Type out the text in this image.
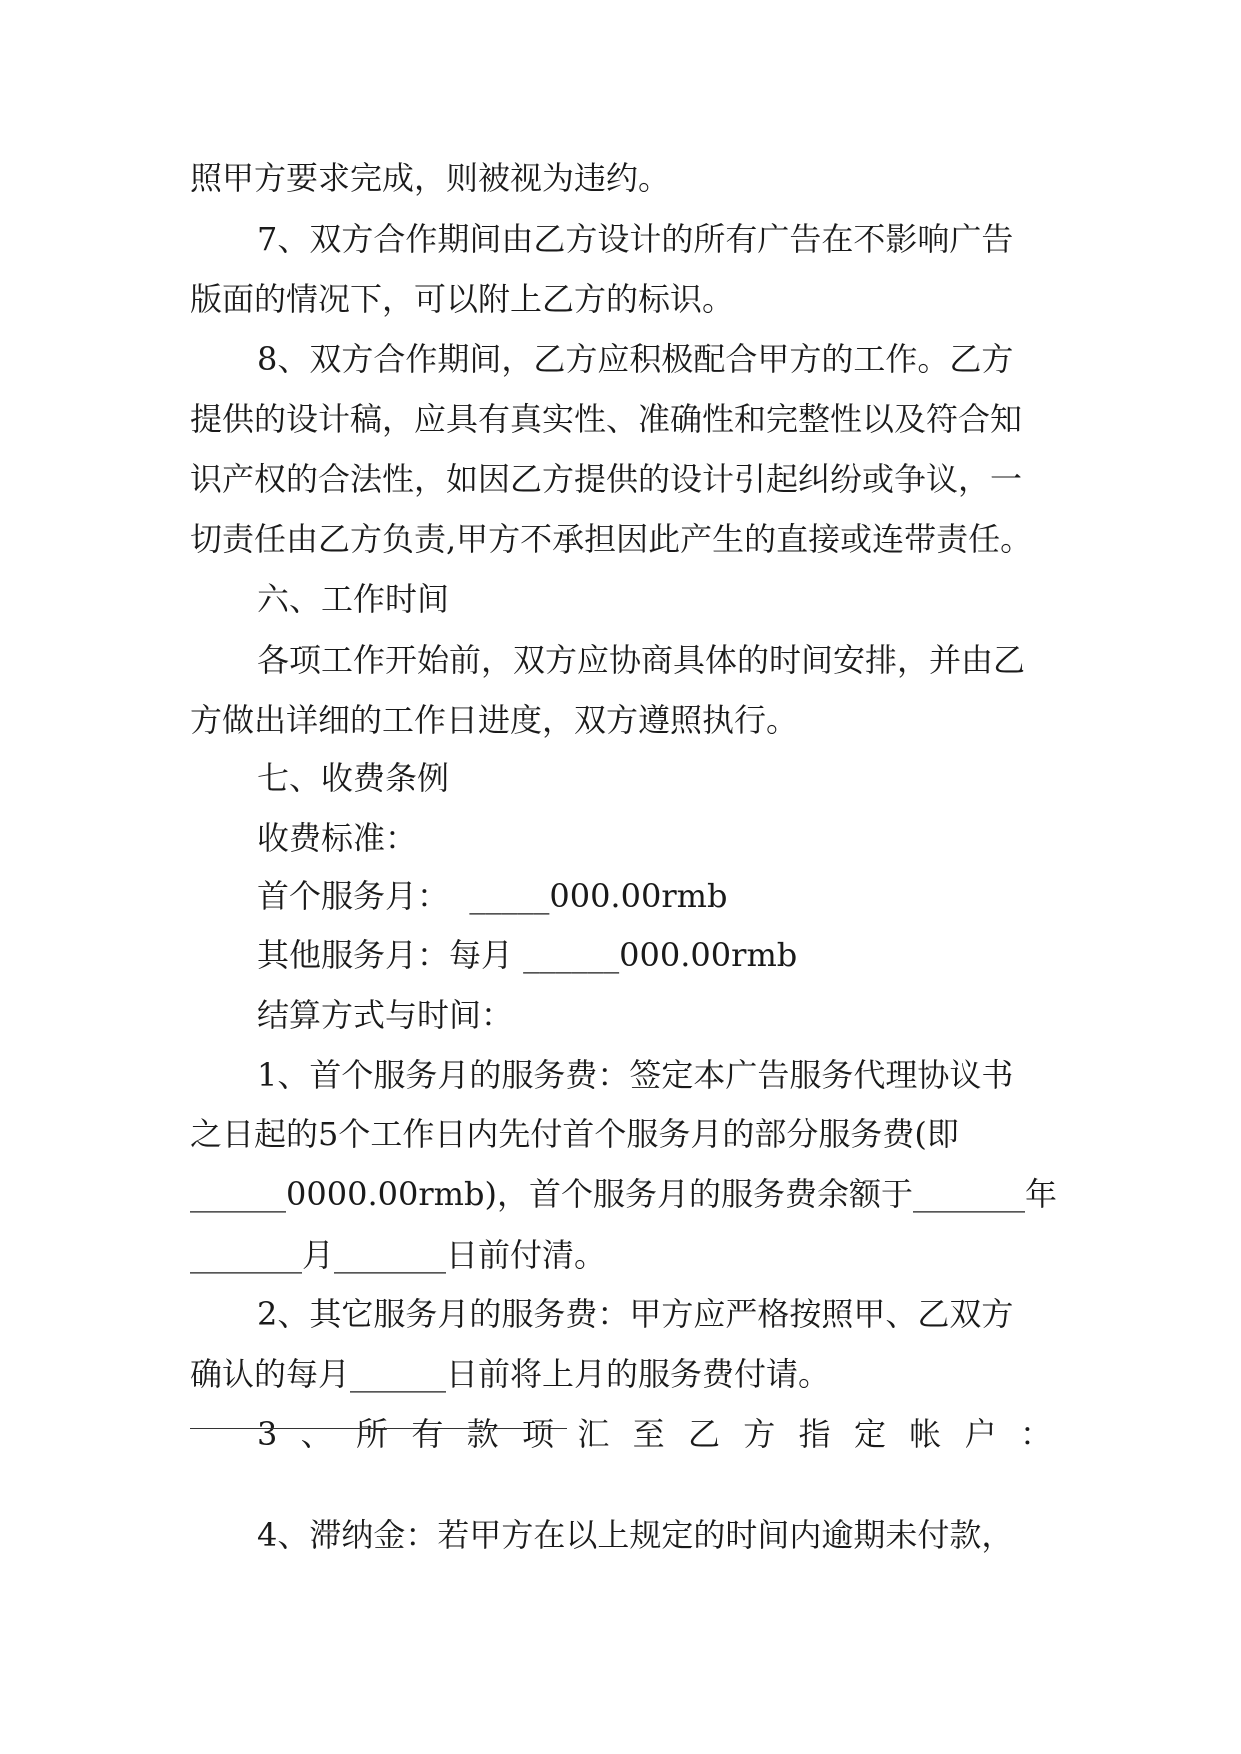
照甲方要求完成，则被视为违约。
7、双方合作期间由乙方设计的所有广告在不影响广告
版面的情况下，可以附上乙方的标识。
8、双方合作期间，乙方应积极配合甲方的工作。乙方
提供的设计稿，应具有真实性、准确性和完整性以及符合知
识产权的合法性，如因乙方提供的设计引起纠纷或争议，一
切责任由乙方负责,甲方不承担因此产生的直接或连带责任。
六、工作时间
各项工作开始前，双方应协商具体的时间安排，并由乙
方做出详细的工作日进度，双方遵照执行。
七、收费条例
收费标准：
首个服务月：  _____000.00rmb
其他服务月：每月 ______000.00rmb
结算方式与时间：
1、首个服务月的服务费：签定本广告服务代理协议书
之日起的5个工作日内先付首个服务月的部分服务费(即
______0000.00rmb)，首个服务月的服务费余额于_______年
_______月_______日前付清。
2、其它服务月的服务费：甲方应严格按照甲、乙双方
确认的每月______日前将上月的服务费付请。
3 、 所 有 款 项 汇 至 乙 方 指 定 帐 户 ：
4、滞纳金：若甲方在以上规定的时间内逾期未付款，
